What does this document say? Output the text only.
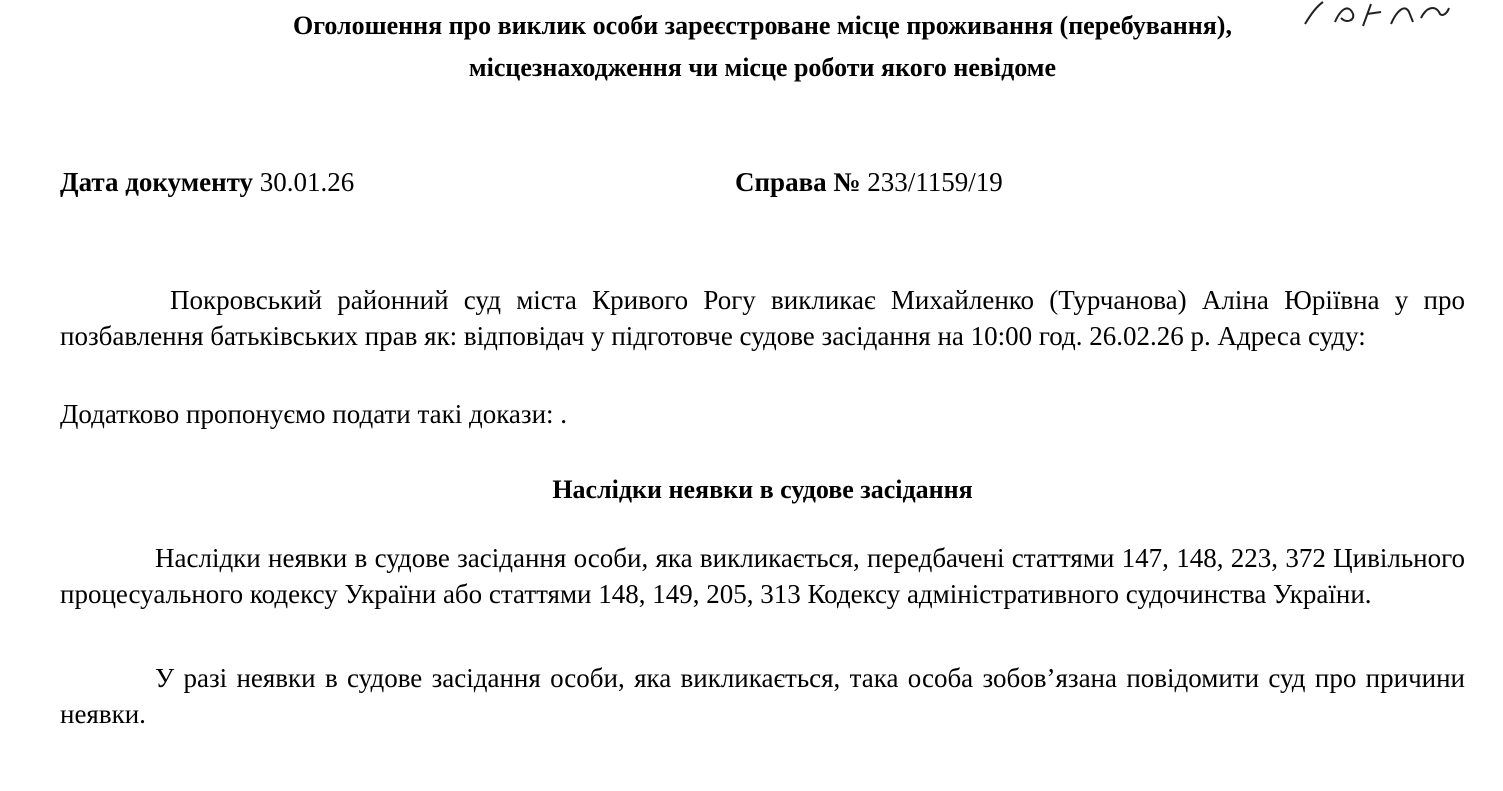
Оголошення про виклик особи зареєстроване місце проживання (перебування),
місцезнаходження чи місце роботи якого невідоме
Дата документу 30.01.26	Справа № 233/1159/19

Покровський районний суд міста Кривого Рогу викликає Михайленко (Турчанова) Аліна Юріївна у про позбавлення батьківських прав як: відповідач у підготовче судове засідання на 10:00 год. 26.02.26 р. Адреса суду:

Додатково пропонуємо подати такі докази: .

Наслідки неявки в судове засідання

Наслідки неявки в судове засідання особи, яка викликається, передбачені статтями 147, 148, 223, 372 Цивільного процесуального кодексу України або статтями 148, 149, 205, 313 Кодексу адміністративного судочинства України.

У разі неявки в судове засідання особи, яка викликається, така особа зобов’язана повідомити суд про причини неявки.
